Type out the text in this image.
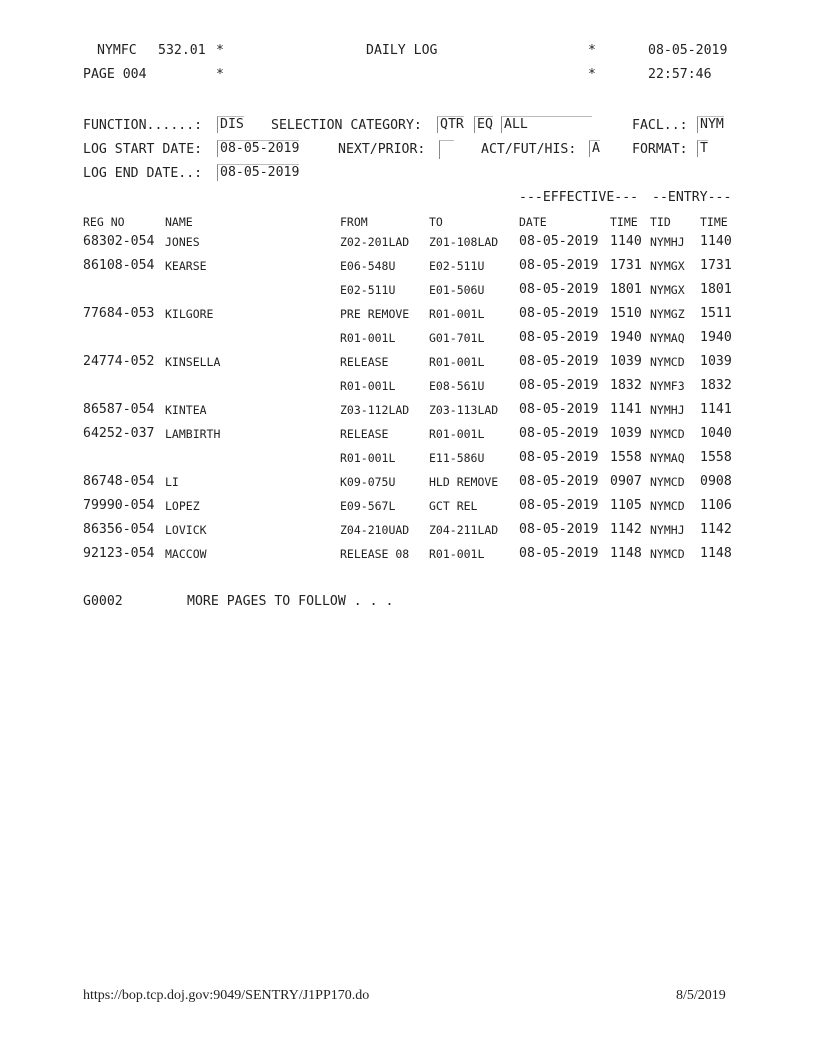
NYMFC 532.01 *	DAILY LOG	*	08-05-2019
PAGE 004	*	*	22:57:46
FUNCTION......: DIS SELECTION CATEGORY: QTR EQ ALL	FACL..: NYM
LOG START DATE: 08-05-2019	NEXT/PRIOR:	ACT/FUT/HIS: A FORMAT: T
LOG END DATE..: 08-05-2019
---EFFECTIVE--- --ENTRY---
REG NO	NAME	FROM	TO	DATE	TIME TID	TIME
68302-054 JONES	Z02-201LAD Z01-108LAD 08-05-2019 1140 NYMHJ 1140
86108-054 KEARSE	E06-548U	E02-511U	08-05-2019 1731 NYMGX 1731
E02-511U	E01-506U	08-05-2019 1801 NYMGX 1801
77684-053 KILGORE	PRE REMOVE R01-001L	08-05-2019 1510 NYMGZ 1511
R01-001L	G01-701L	08-05-2019 1940 NYMAQ 1940
24774-052 KINSELLA	RELEASE	R01-001L	08-05-2019 1039 NYMCD 1039
R01-001L	E08-561U	08-05-2019 1832 NYMF3 1832
86587-054 KINTEA	Z03-112LAD Z03-113LAD 08-05-2019 1141 NYMHJ 1141
64252-037 LAMBIRTH	RELEASE	R01-001L	08-05-2019 1039 NYMCD 1040
R01-001L	E11-586U	08-05-2019 1558 NYMAQ 1558
86748-054 LI	K09-075U	HLD REMOVE 08-05-2019 0907 NYMCD 0908
79990-054 LOPEZ	E09-567L	GCT REL	08-05-2019 1105 NYMCD 1106
86356-054 LOVICK	Z04-210UAD Z04-211LAD 08-05-2019 1142 NYMHJ 1142
92123-054 MACCOW	RELEASE 08 R01-001L	08-05-2019 1148 NYMCD 1148
G0002	MORE PAGES TO FOLLOW . . .
https://bop.tcp.doj.gov:9049/SENTRY/J1PP170.do	8/5/2019
